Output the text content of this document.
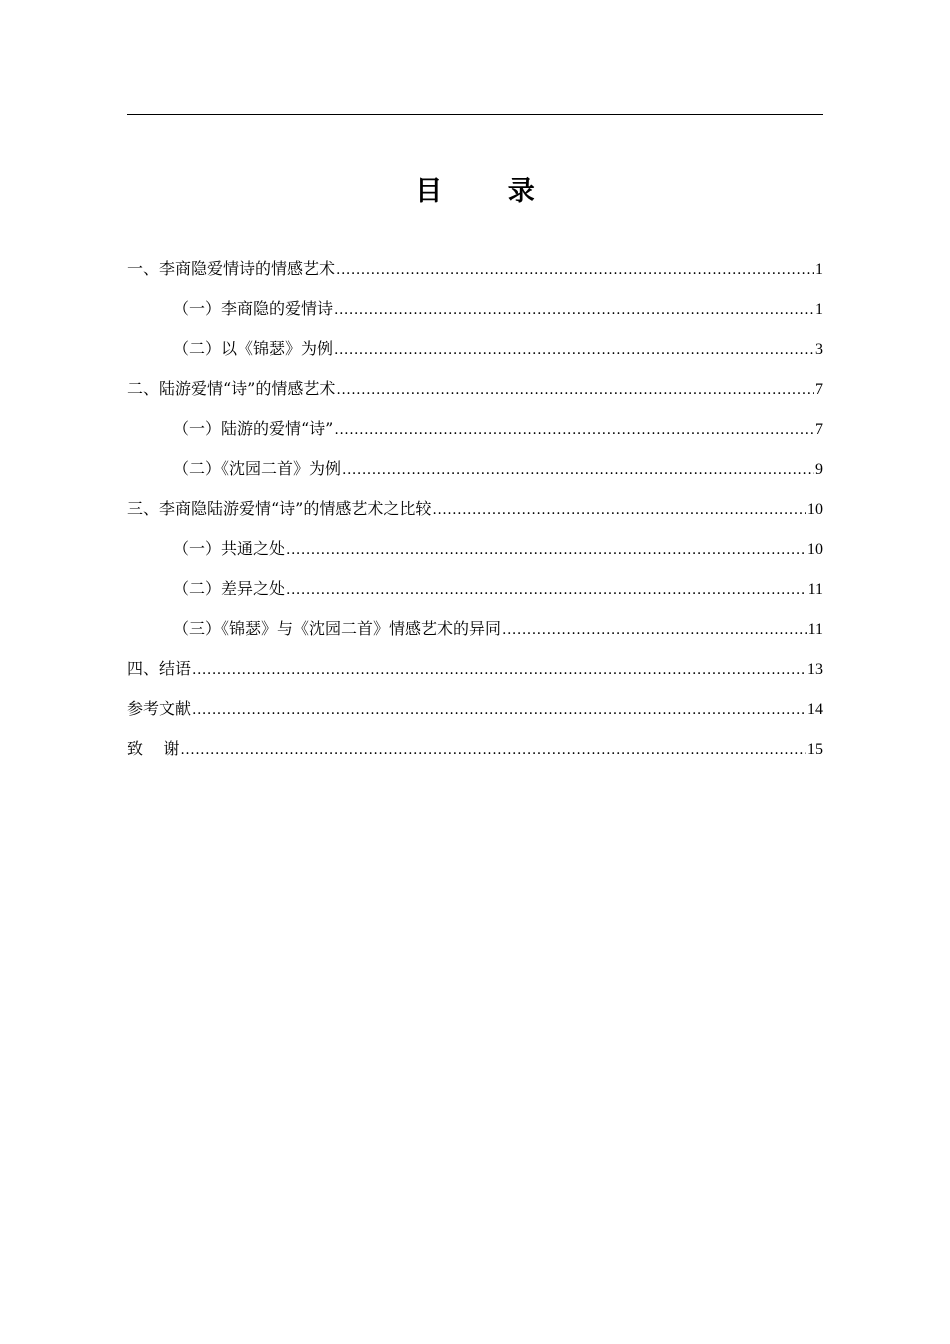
目 录
一、李商隐爱情诗的情感艺术 .....	1
（一）李商隐的爱情诗 .....	1
（二）以《锦瑟》为例 .....	3
二、陆游爱情“诗”的情感艺术 .....	7
（一）陆游的爱情“诗” .....	7
（二）《沈园二首》为例 .....	9
三、李商隐陆游爱情“诗”的情感艺术之比较 .....	10
（一）共通之处 .....	10
（二）差异之处 .....	11
（三）《锦瑟》与《沈园二首》情感艺术的异同 .....	11
四、结语 .....	13
参考文献 .....	14
致    谢 .....	15
